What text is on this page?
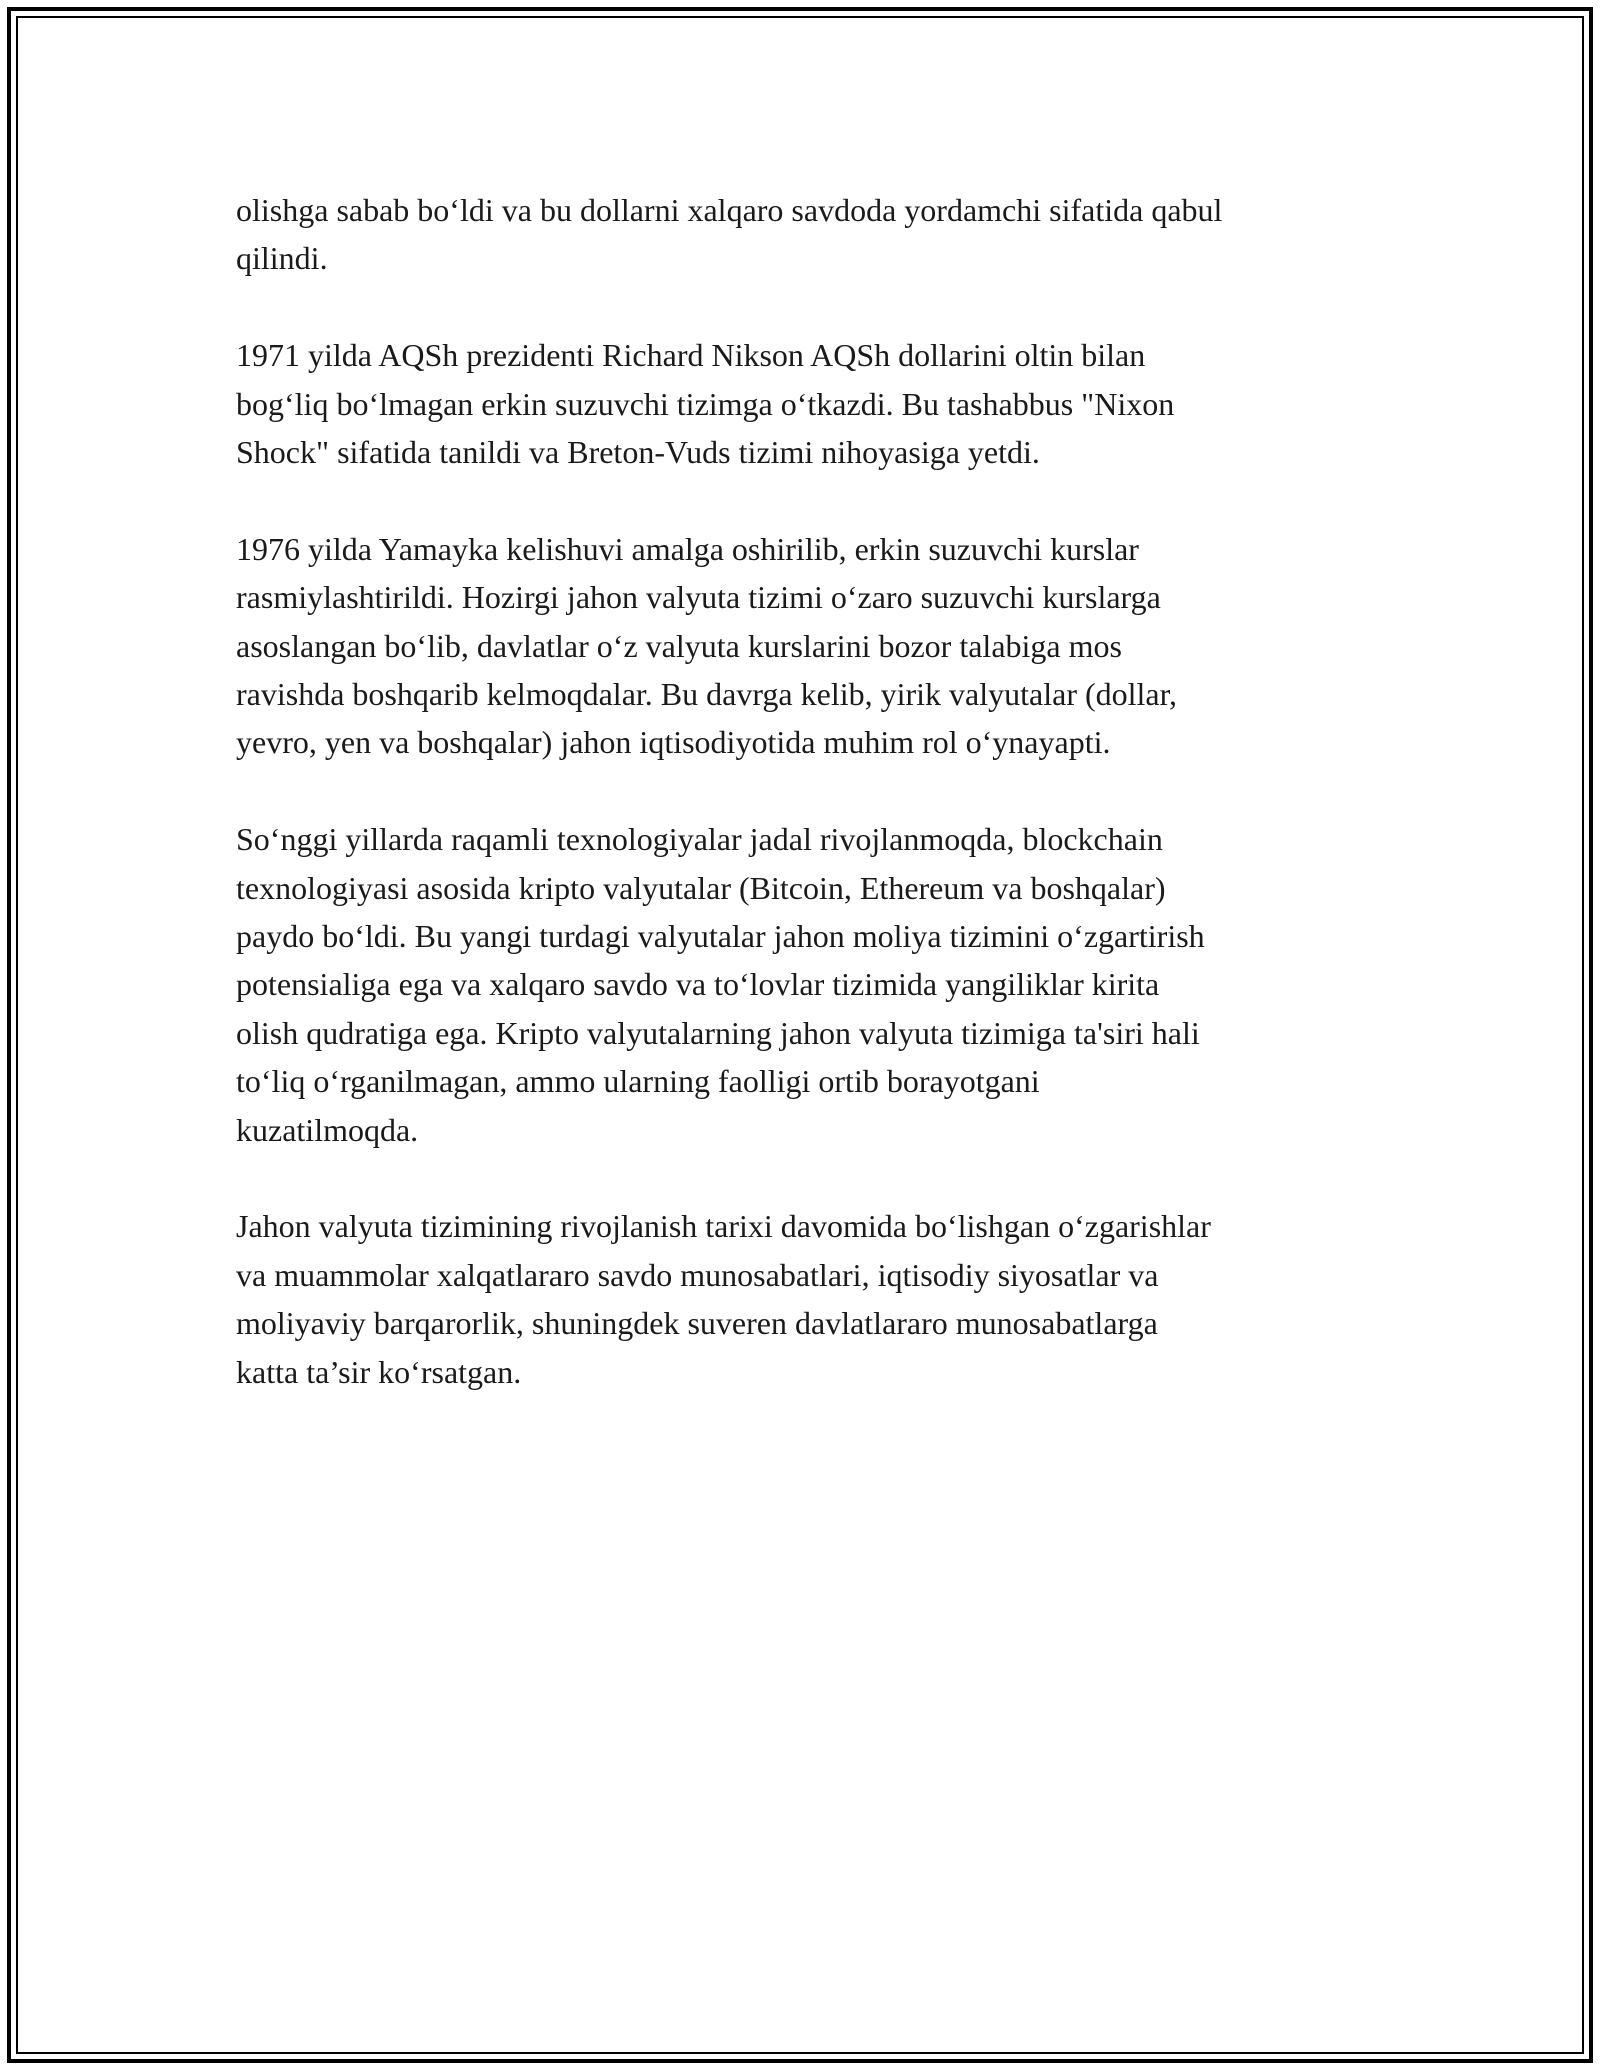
olishga sabab bo‘ldi va bu dollarni xalqaro savdoda yordamchi sifatida qabul
qilindi.

1971 yilda AQSh prezidenti Richard Nikson AQSh dollarini oltin bilan
bog‘liq bo‘lmagan erkin suzuvchi tizimga o‘tkazdi. Bu tashabbus "Nixon
Shock" sifatida tanildi va Breton-Vuds tizimi nihoyasiga yetdi.

1976 yilda Yamayka kelishuvi amalga oshirilib, erkin suzuvchi kurslar
rasmiylashtirildi. Hozirgi jahon valyuta tizimi o‘zaro suzuvchi kurslarga
asoslangan bo‘lib, davlatlar o‘z valyuta kurslarini bozor talabiga mos
ravishda boshqarib kelmoqdalar. Bu davrga kelib, yirik valyutalar (dollar,
yevro, yen va boshqalar) jahon iqtisodiyotida muhim rol o‘ynayapti.

So‘nggi yillarda raqamli texnologiyalar jadal rivojlanmoqda, blockchain
texnologiyasi asosida kripto valyutalar (Bitcoin, Ethereum va boshqalar)
paydo bo‘ldi. Bu yangi turdagi valyutalar jahon moliya tizimini o‘zgartirish
potensialiga ega va xalqaro savdo va to‘lovlar tizimida yangiliklar kirita
olish qudratiga ega. Kripto valyutalarning jahon valyuta tizimiga ta'siri hali
to‘liq o‘rganilmagan, ammo ularning faolligi ortib borayotgani
kuzatilmoqda.

Jahon valyuta tizimining rivojlanish tarixi davomida bo‘lishgan o‘zgarishlar
va muammolar xalqatlararo savdo munosabatlari, iqtisodiy siyosatlar va
moliyaviy barqarorlik, shuningdek suveren davlatlararo munosabatlarga
katta ta’sir ko‘rsatgan.
